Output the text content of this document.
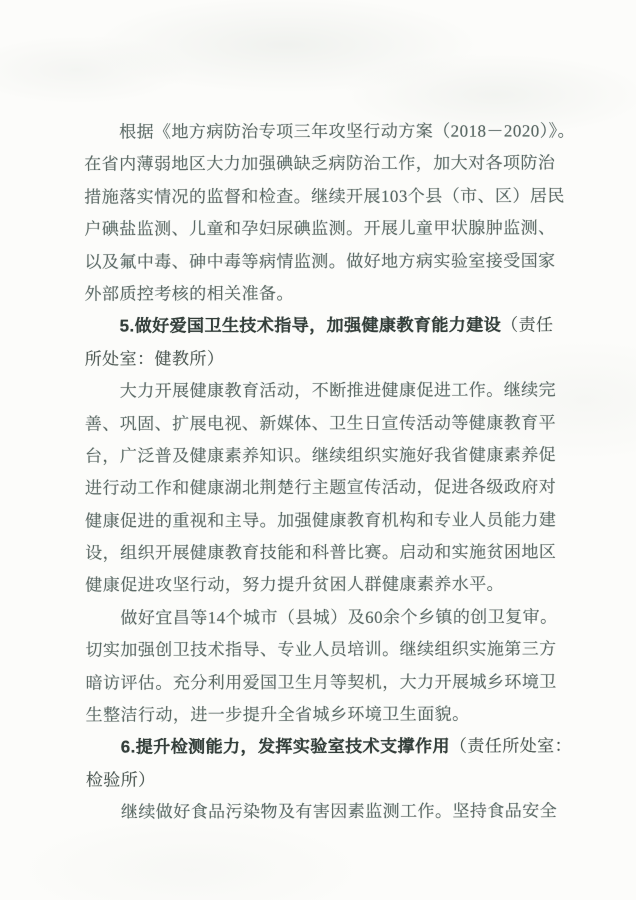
根据《地方病防治专项三年攻坚行动方案（2018－2020）》。
在省内薄弱地区大力加强碘缺乏病防治工作，加大对各项防治
措施落实情况的监督和检查。继续开展103个县（市、区）居民
户碘盐监测、儿童和孕妇尿碘监测。开展儿童甲状腺肿监测、
以及氟中毒、砷中毒等病情监测。做好地方病实验室接受国家
外部质控考核的相关准备。
5.做好爱国卫生技术指导，加强健康教育能力建设（责任
所处室：健教所）
大力开展健康教育活动，不断推进健康促进工作。继续完
善、巩固、扩展电视、新媒体、卫生日宣传活动等健康教育平
台，广泛普及健康素养知识。继续组织实施好我省健康素养促
进行动工作和健康湖北荆楚行主题宣传活动，促进各级政府对
健康促进的重视和主导。加强健康教育机构和专业人员能力建
设，组织开展健康教育技能和科普比赛。启动和实施贫困地区
健康促进攻坚行动，努力提升贫困人群健康素养水平。
做好宜昌等14个城市（县城）及60余个乡镇的创卫复审。
切实加强创卫技术指导、专业人员培训。继续组织实施第三方
暗访评估。充分利用爱国卫生月等契机，大力开展城乡环境卫
生整洁行动，进一步提升全省城乡环境卫生面貌。
6.提升检测能力，发挥实验室技术支撑作用（责任所处室：
检验所）
继续做好食品污染物及有害因素监测工作。坚持食品安全
